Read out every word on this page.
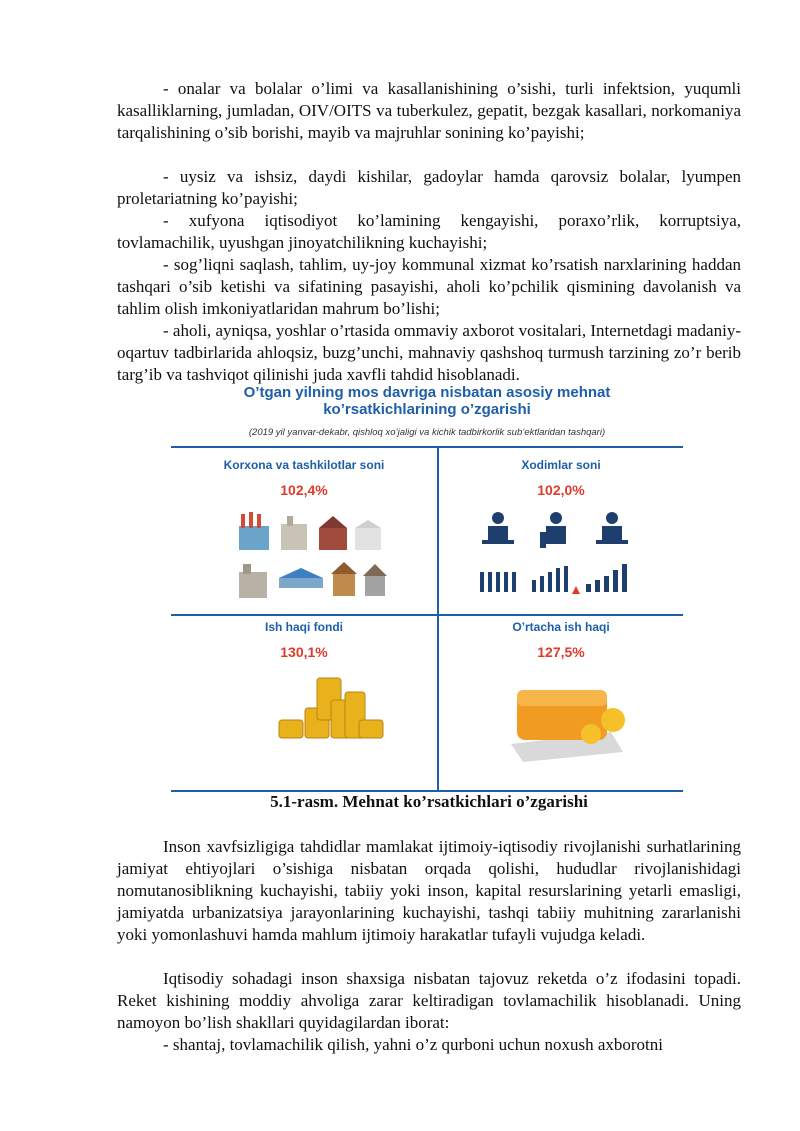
- onalar va bolalar o’limi va kasallanishining o’sishi, turli infektsion, yuqumli kasalliklarning, jumladan, OIV/OITS va tuberkulez, gepatit, bezgak kasallari, norkomaniya tarqalishining o’sib borishi, mayib va majruhlar sonining ko’payishi;

- uysiz va ishsiz, daydi kishilar, gadoylar hamda qarovsiz bolalar, lyumpen proletariatning ko’payishi;

- xufyona iqtisodiyot ko’lamining kengayishi, poraxo’rlik, korruptsiya, tovlamachilik, uyushgan jinoyatchilikning kuchayishi;

- sog’liqni saqlash, tahlim, uy-joy kommunal xizmat ko’rsatish narxlarining haddan tashqari o’sib ketishi va sifatining pasayishi, aholi ko’pchilik qismining davolanish va tahlim olish imkoniyatlaridan mahrum bo’lishi;

- aholi, ayniqsa, yoshlar o’rtasida ommaviy axborot vositalari, Internetdagi madaniy-oqartuv tadbirlarida ahloqsiz, buzg’unchi, mahnaviy qashshoq turmush tarzining zo’r berib targ’ib va tashviqot qilinishi juda xavfli tahdid hisoblanadi.

O’tgan yilning mos davriga nisbatan asosiy mehnat
ko’rsatkichlarining o’zgarishi
(2019 yil yanvar-dekabr, qishloq xo’jaligi va kichik tadbirkorlik sub’ektlaridan tashqari)
Korxona va tashkilotlar soni
102,4%
Xodimlar soni
102,0%
Ish haqi fondi
130,1%
O’rtacha ish haqi
127,5%
5.1-rasm. Mehnat ko’rsatkichlari o’zgarishi

Inson xavfsizligiga tahdidlar mamlakat ijtimoiy-iqtisodiy rivojlanishi surhatlarining jamiyat ehtiyojlari o’sishiga nisbatan orqada qolishi, hududlar rivojlanishidagi nomutanosiblikning kuchayishi, tabiiy yoki inson, kapital resurslarining yetarli emasligi, jamiyatda urbanizatsiya jarayonlarining kuchayishi, tashqi tabiiy muhitning zararlanishi yoki yomonlashuvi hamda mahlum ijtimoiy harakatlar tufayli vujudga keladi.

Iqtisodiy sohadagi inson shaxsiga nisbatan tajovuz reketda o’z ifodasini topadi. Reket kishining moddiy ahvoliga zarar keltiradigan tovlamachilik hisoblanadi. Uning namoyon bo’lish shakllari quyidagilardan iborat:

- shantaj, tovlamachilik qilish, yahni o’z qurboni uchun noxush axborotni
